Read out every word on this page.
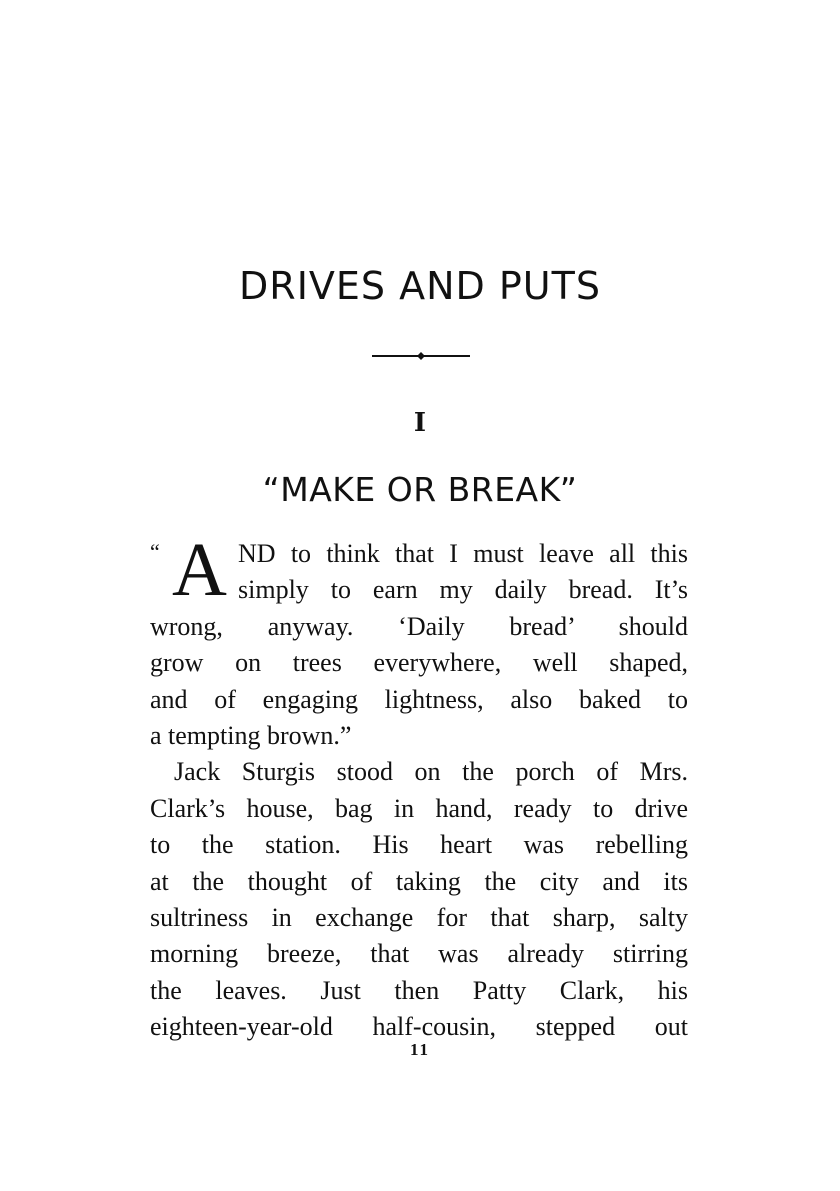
DRIVES AND PUTS
I
“MAKE OR BREAK”
“ A ND to think that I must leave all this
simply to earn my daily bread. It’s
wrong, anyway. ‘Daily bread’ should
grow on trees everywhere, well shaped,
and of engaging lightness, also baked to
a tempting brown.”
Jack Sturgis stood on the porch of Mrs.
Clark’s house, bag in hand, ready to drive
to the station. His heart was rebelling
at the thought of taking the city and its
sultriness in exchange for that sharp, salty
morning breeze, that was already stirring
the leaves. Just then Patty Clark, his
eighteen-year-old half-cousin, stepped out
11
